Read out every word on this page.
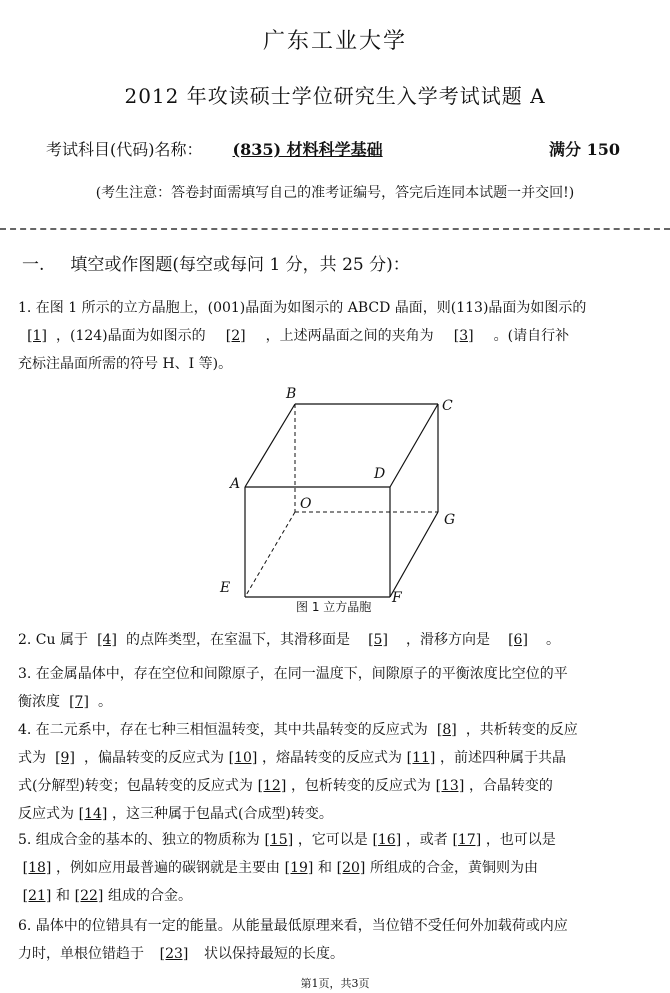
广东工业大学
2012 年攻读硕士学位研究生入学考试试题 A
考试科目(代码)名称： (835) 材料科学基础	满分 150
(考生注意：答卷封面需填写自己的准考证编号，答完后连同本试题一并交回!)
一. 填空或作图题(每空或每问 1 分，共 25 分)：
1. 在图 1 所示的立方晶胞上，(001)晶面为如图示的 ABCD 晶面，则(113)晶面为如图示的
[1] ，(124)晶面为如图示的 [2] ，上述两晶面之间的夹角为 [3] 。(请自行补
充标注晶面所需的符号 H、I 等)。
B
C
A
D
O
G
E
F
图 1 立方晶胞
2. Cu 属于 [4] 的点阵类型，在室温下，其滑移面是 [5] ，滑移方向是 [6] 。
3. 在金属晶体中，存在空位和间隙原子，在同一温度下，间隙原子的平衡浓度比空位的平
衡浓度 [7] 。
4. 在二元系中，存在七种三相恒温转变，其中共晶转变的反应式为 [8] ，共析转变的反应
式为 [9] ，偏晶转变的反应式为 [10] ，熔晶转变的反应式为 [11] ，前述四种属于共晶
式(分解型)转变；包晶转变的反应式为 [12] ，包析转变的反应式为 [13] ，合晶转变的
反应式为 [14] ，这三种属于包晶式(合成型)转变。
5. 组成合金的基本的、独立的物质称为 [15] ，它可以是 [16] ，或者 [17] ，也可以是
[18] ，例如应用最普遍的碳钢就是主要由 [19] 和 [20] 所组成的合金，黄铜则为由
[21] 和 [22] 组成的合金。
6. 晶体中的位错具有一定的能量。从能量最低原理来看，当位错不受任何外加载荷或内应
力时，单根位错趋于 [23] 状以保持最短的长度。
第1页，共3页
